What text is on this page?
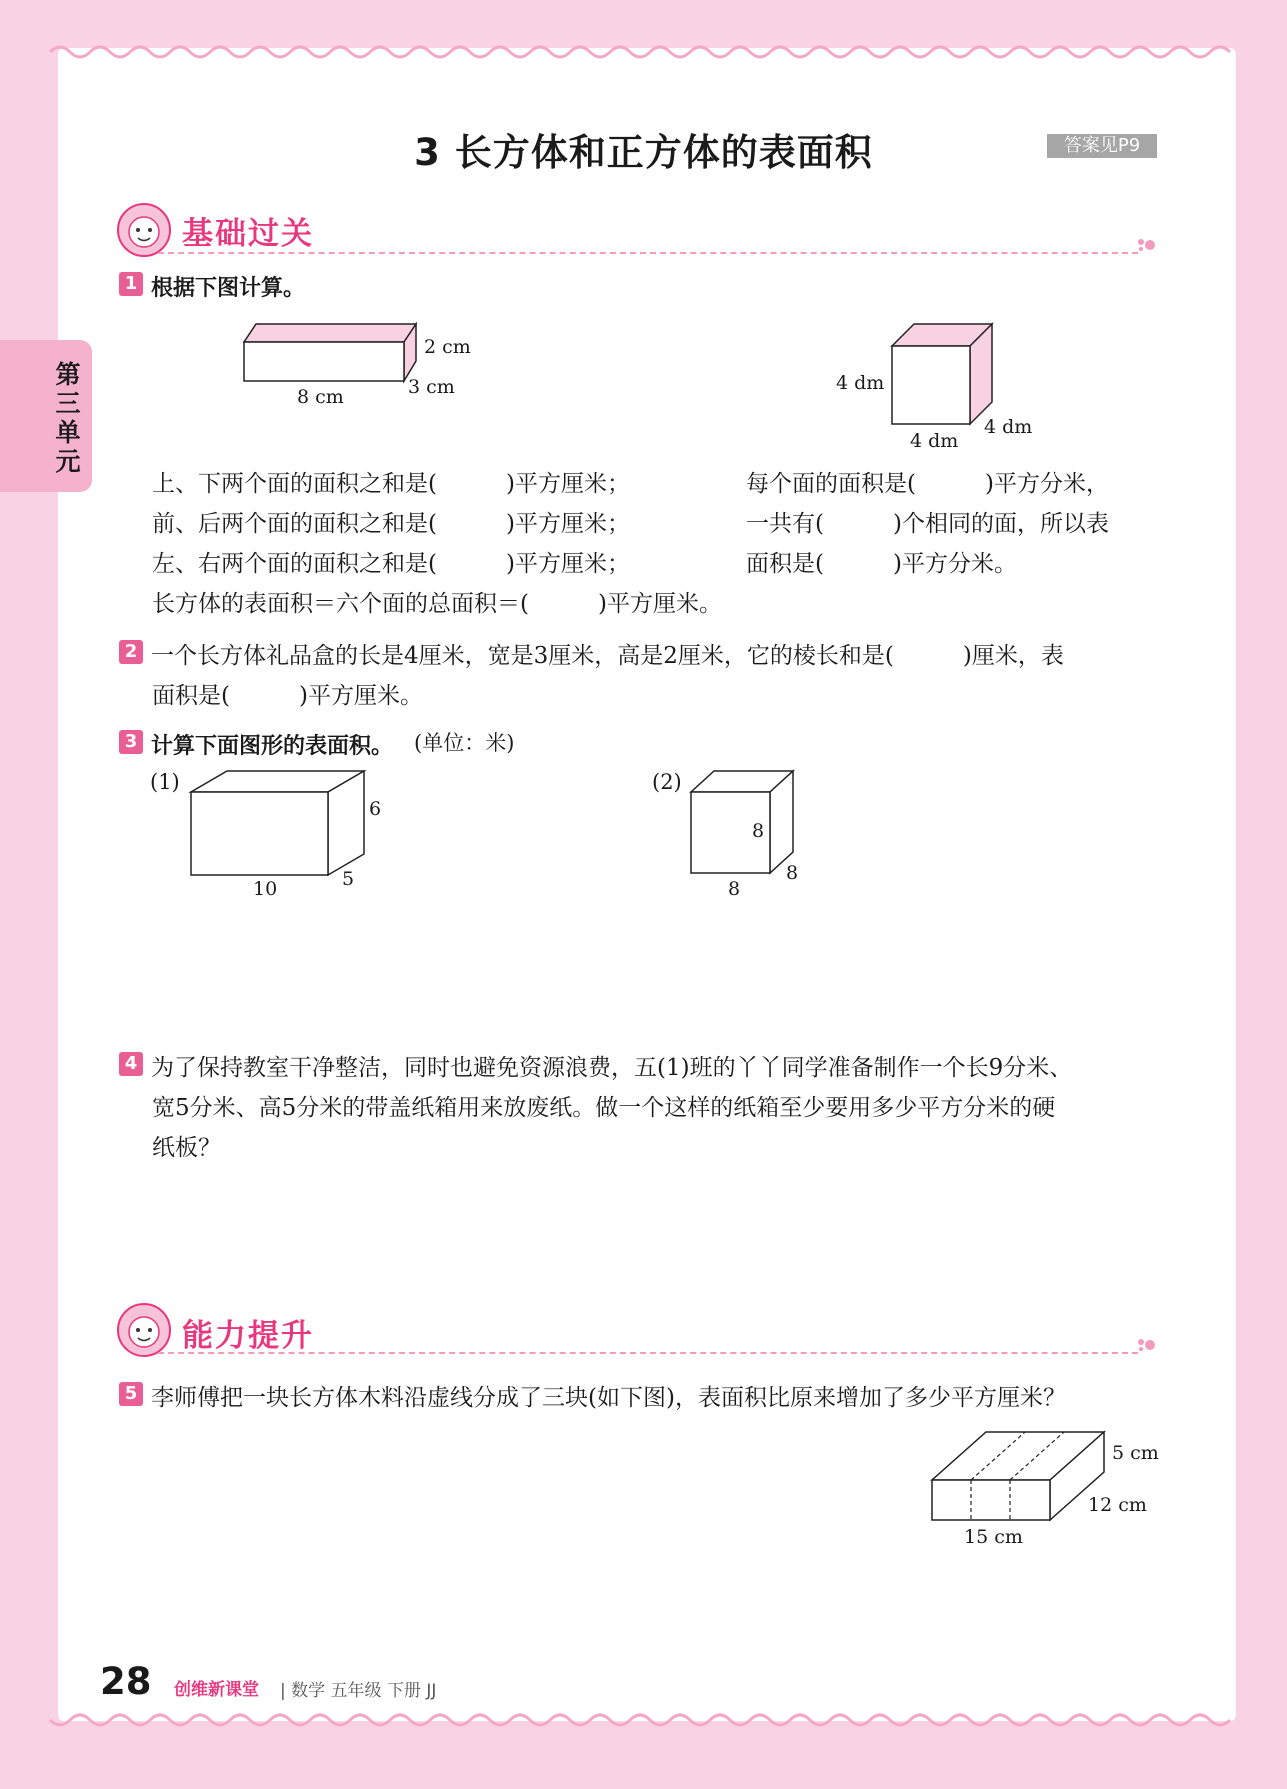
第三单元
3 长方体和正方体的表面积	答案见P9
基础过关
1 根据下图计算。
2 cm
3 cm
8 cm
4 dm
4 dm
4 dm
上、下两个面的面积之和是(　　　)平方厘米；
前、后两个面的面积之和是(　　　)平方厘米；
左、右两个面的面积之和是(　　　)平方厘米；
长方体的表面积＝六个面的总面积＝(　　　)平方厘米。
每个面的面积是(　　　)平方分米，
一共有(　　　)个相同的面，所以表
面积是(　　　)平方分米。
2 一个长方体礼品盒的长是4厘米，宽是3厘米，高是2厘米，它的棱长和是(　　　)厘米，表
面积是(　　　)平方厘米。
3 计算下面图形的表面积。 (单位：米)
(1)
6
10	5
(2)
8
8
8
4 为了保持教室干净整洁，同时也避免资源浪费，五(1)班的丫丫同学准备制作一个长9分米、
宽5分米、高5分米的带盖纸箱用来放废纸。做一个这样的纸箱至少要用多少平方分米的硬
纸板？
能力提升
5 李师傅把一块长方体木料沿虚线分成了三块(如下图)，表面积比原来增加了多少平方厘米？
5 cm
12 cm
15 cm
28 创维新课堂 | 数学 五年级 下册 JJ
